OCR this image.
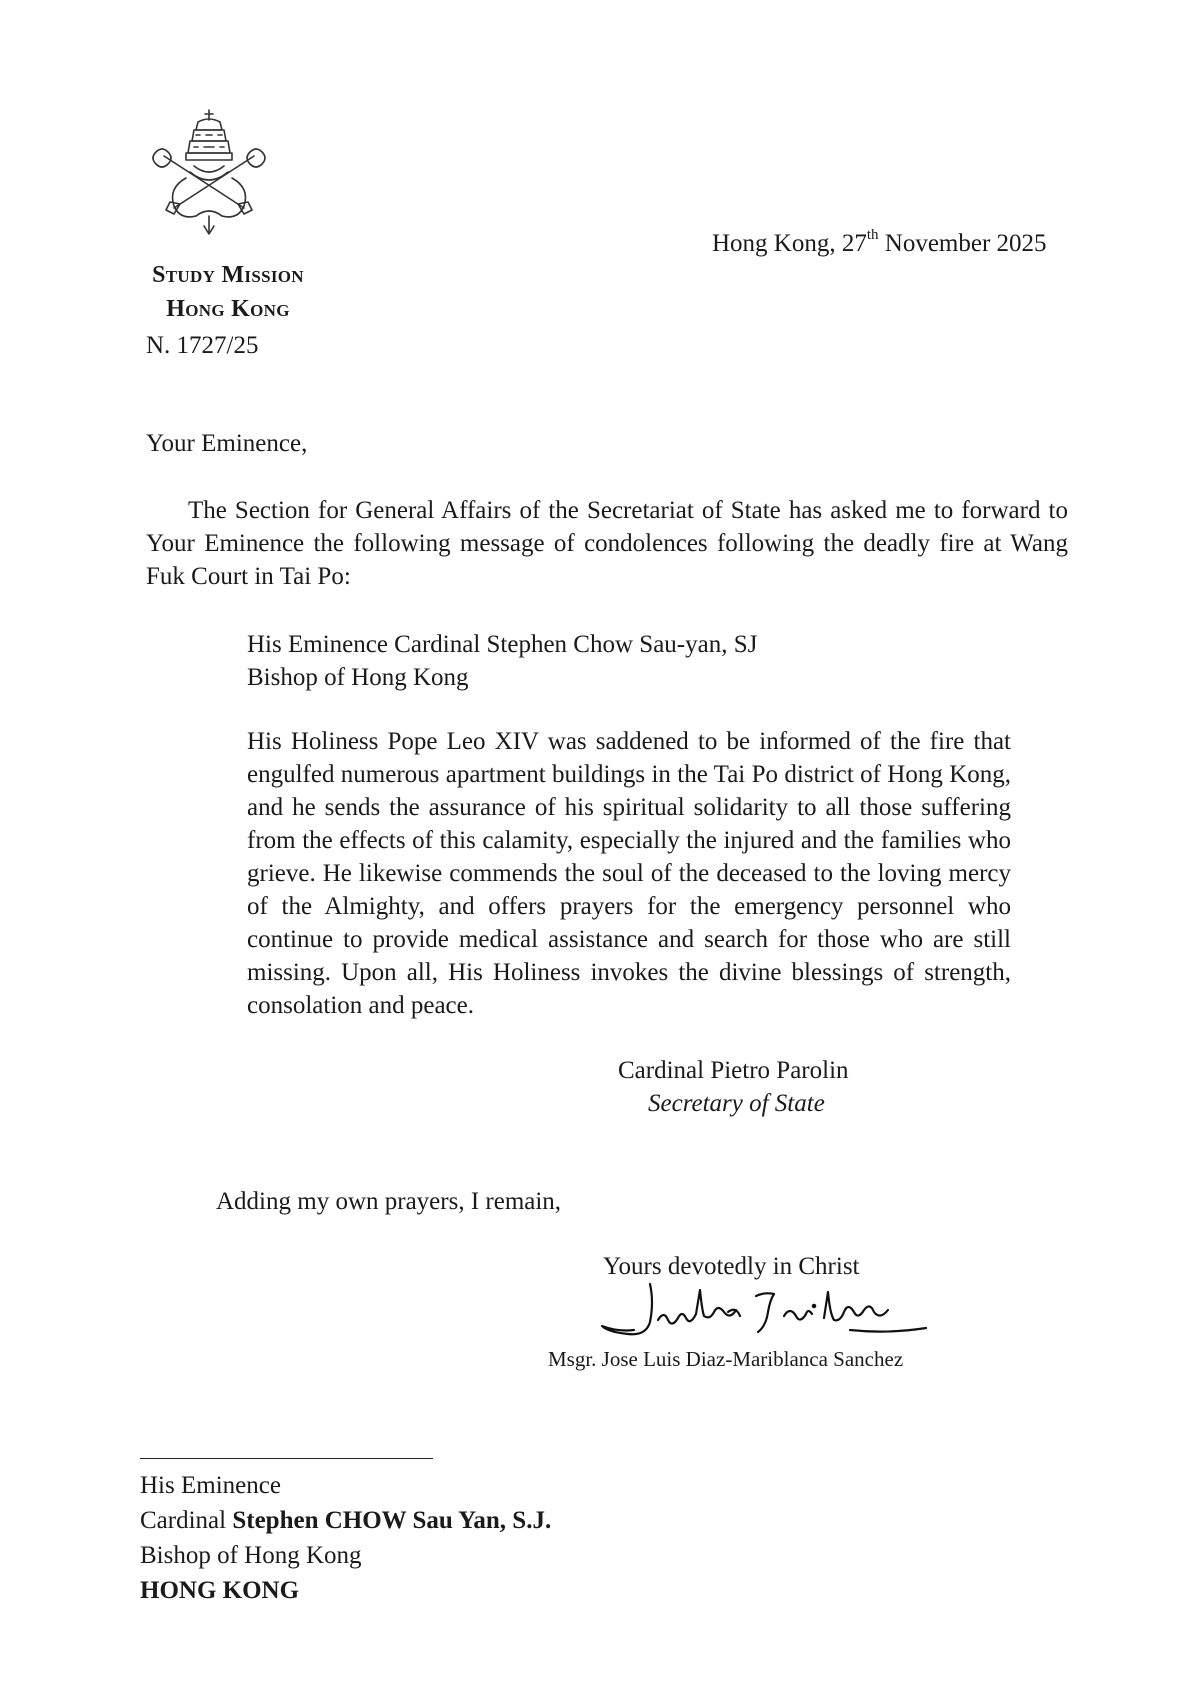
Study Mission
Hong Kong
N. 1727/25
Hong Kong, 27th November 2025
Your Eminence,
The Section for General Affairs of the Secretariat of State has asked me to forward to Your Eminence the following message of condolences following the deadly fire at Wang Fuk Court in Tai Po:
His Eminence Cardinal Stephen Chow Sau-yan, SJ
Bishop of Hong Kong
His Holiness Pope Leo XIV was saddened to be informed of the fire that engulfed numerous apartment buildings in the Tai Po district of Hong Kong, and he sends the assurance of his spiritual solidarity to all those suffering from the effects of this calamity, especially the injured and the families who grieve. He likewise commends the soul of the deceased to the loving mercy of the Almighty, and offers prayers for the emergency personnel who continue to provide medical assistance and search for those who are still missing. Upon all, His Holiness invokes the divine blessings of strength, consolation and peace.
Cardinal Pietro Parolin
Secretary of State
Adding my own prayers, I remain,
Yours devotedly in Christ
Msgr. Jose Luis Diaz-Mariblanca Sanchez
His Eminence
Cardinal Stephen CHOW Sau Yan, S.J.
Bishop of Hong Kong
HONG KONG
